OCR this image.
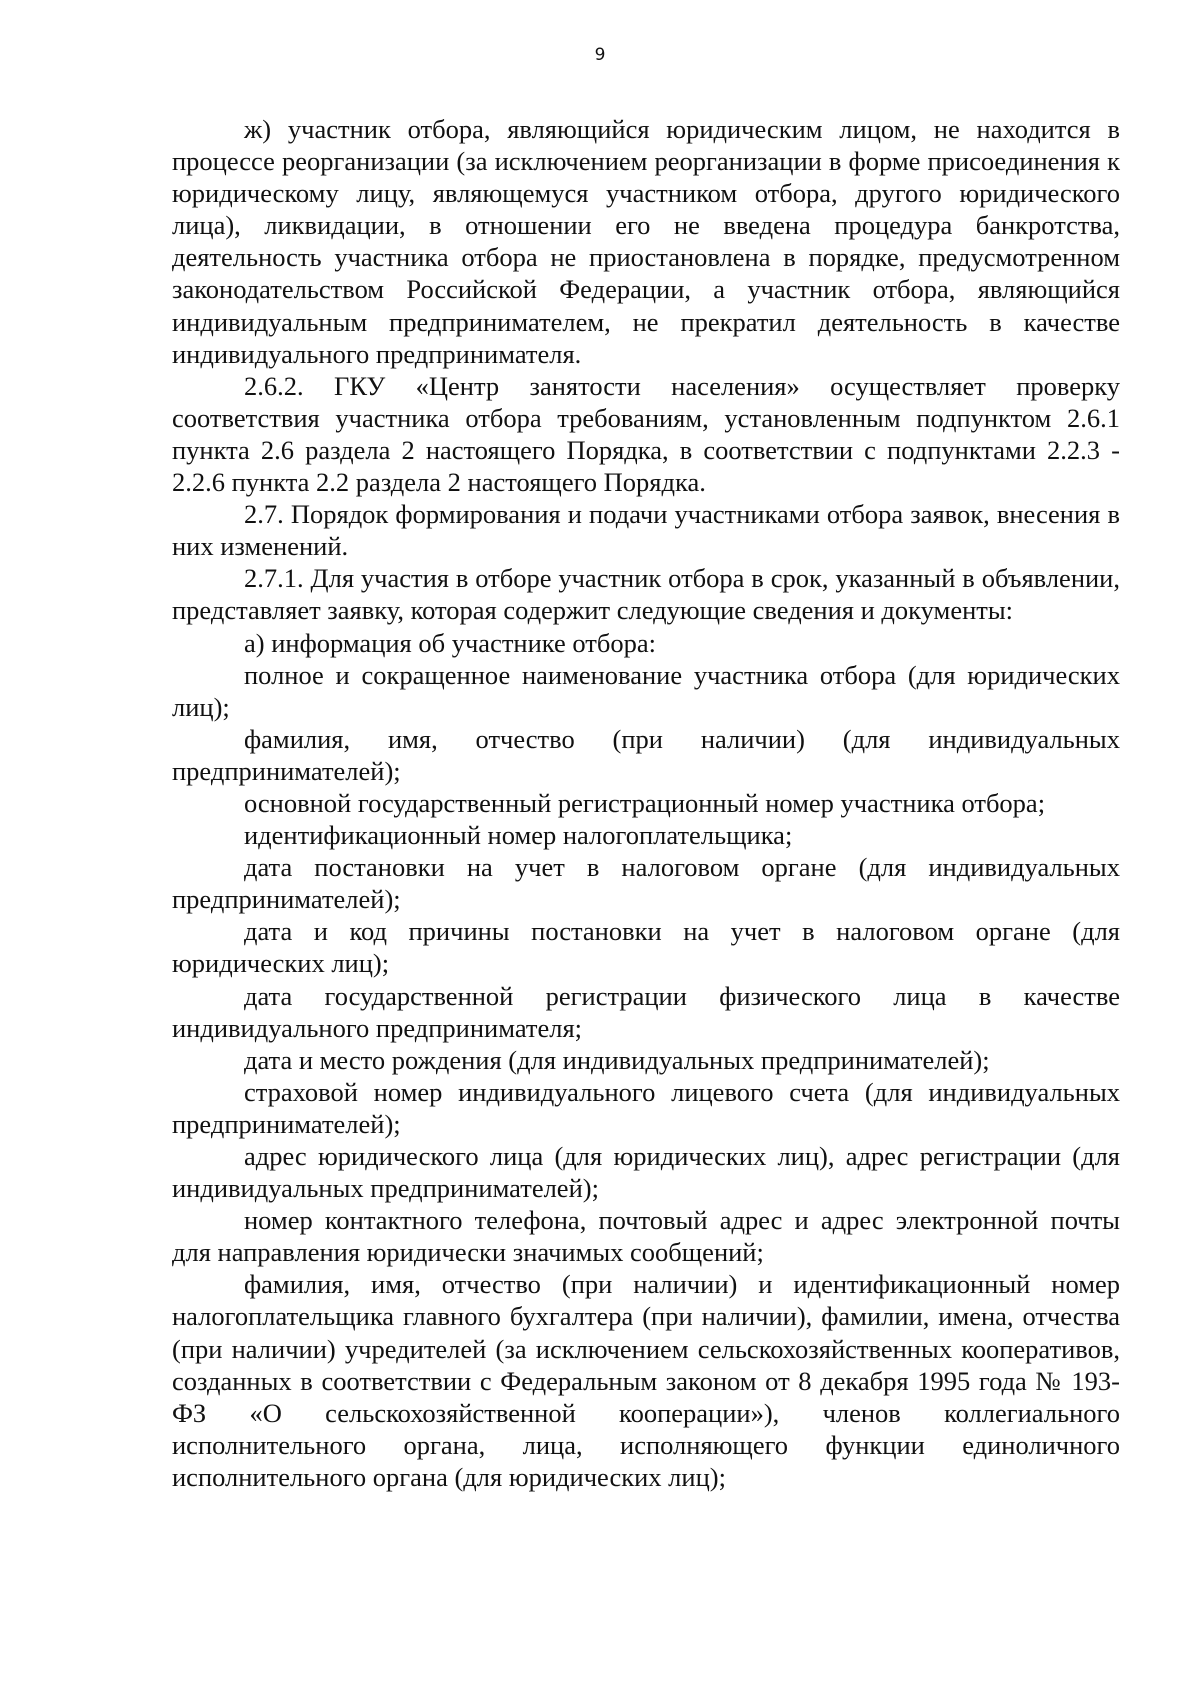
9

ж) участник отбора, являющийся юридическим лицом, не находится в процессе реорганизации (за исключением реорганизации в форме присоединения к юридическому лицу, являющемуся участником отбора, другого юридического лица), ликвидации, в отношении его не введена процедура банкротства, деятельность участника отбора не приостановлена в порядке, предусмотренном законодательством Российской Федерации, а участник отбора, являющийся индивидуальным предпринимателем, не прекратил деятельность в качестве индивидуального предпринимателя.

2.6.2. ГКУ «Центр занятости населения» осуществляет проверку соответствия участника отбора требованиям, установленным подпунктом 2.6.1 пункта 2.6 раздела 2 настоящего Порядка, в соответствии с подпунктами 2.2.3 - 2.2.6 пункта 2.2 раздела 2 настоящего Порядка.

2.7. Порядок формирования и подачи участниками отбора заявок, внесения в них изменений.

2.7.1. Для участия в отборе участник отбора в срок, указанный в объявлении, представляет заявку, которая содержит следующие сведения и документы:

а) информация об участнике отбора:

полное и сокращенное наименование участника отбора (для юридических лиц);

фамилия, имя, отчество (при наличии) (для индивидуальных предпринимателей);

основной государственный регистрационный номер участника отбора;

идентификационный номер налогоплательщика;

дата постановки на учет в налоговом органе (для индивидуальных предпринимателей);

дата и код причины постановки на учет в налоговом органе (для юридических лиц);

дата государственной регистрации физического лица в качестве индивидуального предпринимателя;

дата и место рождения (для индивидуальных предпринимателей);

страховой номер индивидуального лицевого счета (для индивидуальных предпринимателей);

адрес юридического лица (для юридических лиц), адрес регистрации (для индивидуальных предпринимателей);

номер контактного телефона, почтовый адрес и адрес электронной почты для направления юридически значимых сообщений;

фамилия, имя, отчество (при наличии) и идентификационный номер налогоплательщика главного бухгалтера (при наличии), фамилии, имена, отчества (при наличии) учредителей (за исключением сельскохозяйственных кооперативов, созданных в соответствии с Федеральным законом от 8 декабря 1995 года № 193-ФЗ «О сельскохозяйственной кооперации»), членов коллегиального исполнительного органа, лица, исполняющего функции единоличного исполнительного органа (для юридических лиц);
